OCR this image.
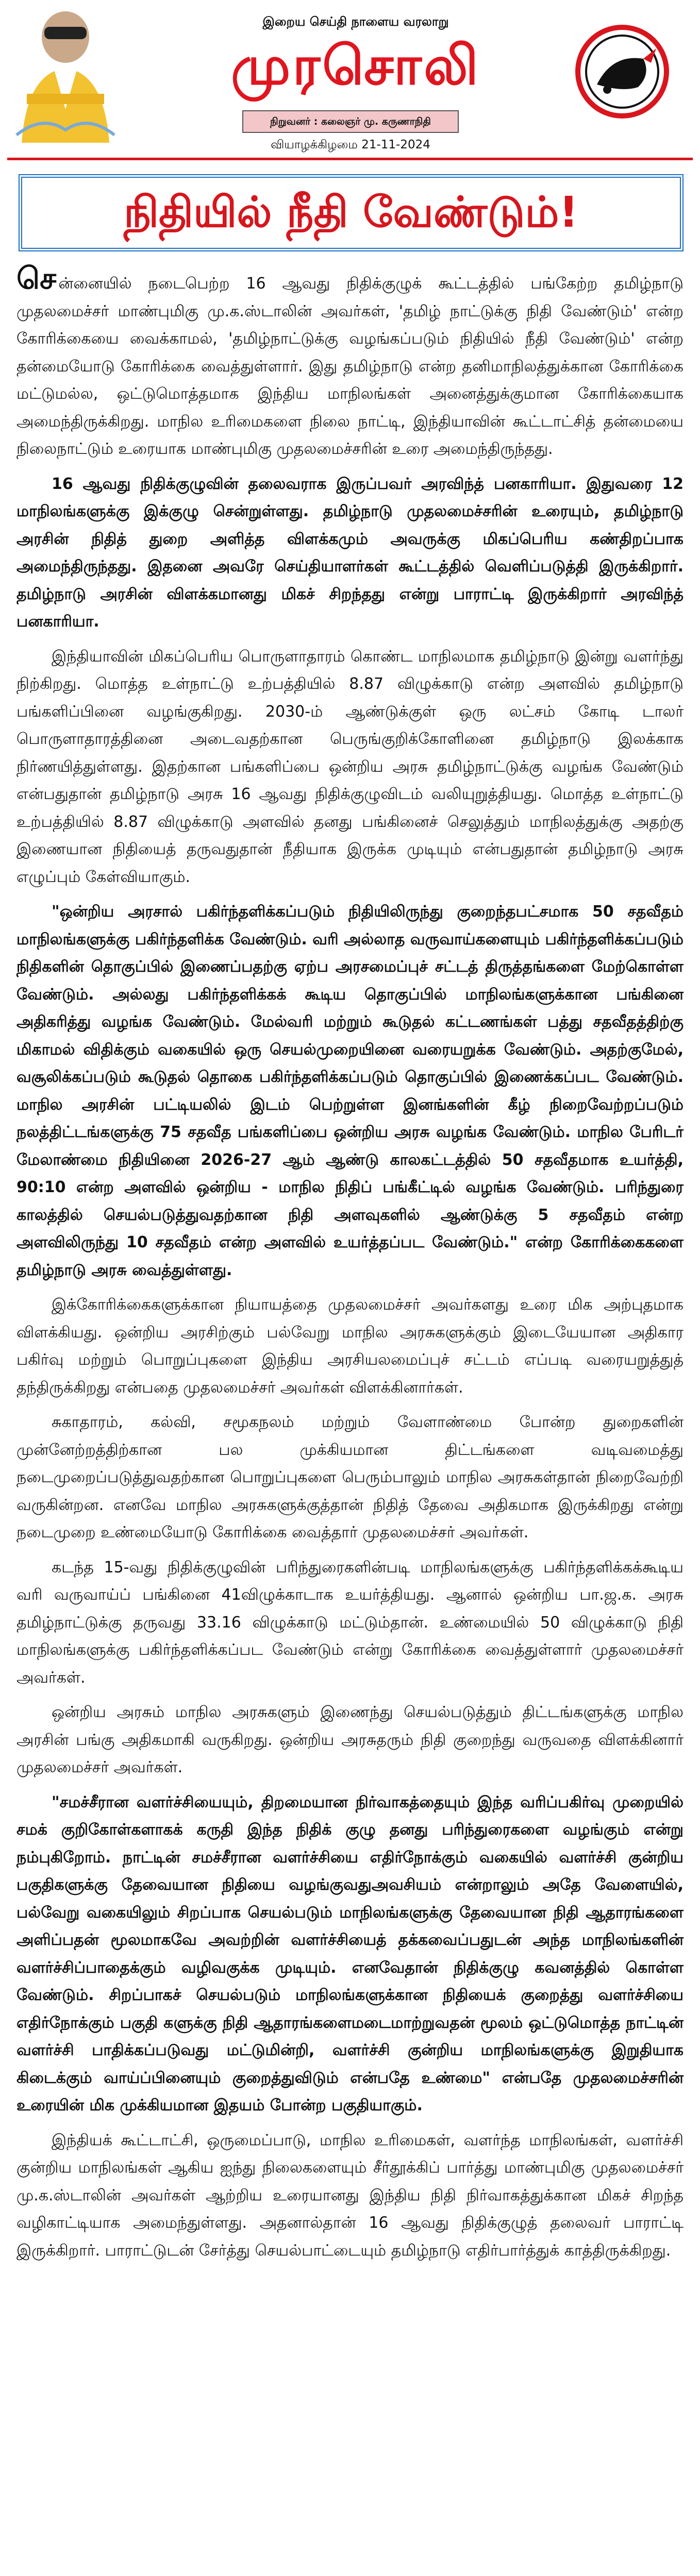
இறைய செய்தி நாளைய வரலாறு
முரசொலி
நிறுவனர் : கலைஞர் மு. கருணாநிதி
வியாழக்கிழமை 21-11-2024
நிதியில் நீதி வேண்டும்!

சென்னையில் நடைபெற்ற 16 ஆவது நிதிக்குழுக் கூட்டத்தில் பங்கேற்ற தமிழ்நாடு முதலமைச்சர் மாண்புமிகு மு.க.ஸ்டாலின் அவர்கள், 'தமிழ் நாட்டுக்கு நிதி வேண்டும்' என்ற கோரிக்கையை வைக்காமல், 'தமிழ்நாட்டுக்கு வழங்கப்படும் நிதியில் நீதி வேண்டும்' என்ற தன்மையோடு கோரிக்கை வைத்துள்ளார். இது தமிழ்நாடு என்ற தனிமாநிலத்துக்கான கோரிக்கை மட்டுமல்ல, ஒட்டுமொத்தமாக இந்திய மாநிலங்கள் அனைத்துக்குமான கோரிக்கையாக அமைந்திருக்கிறது. மாநில உரிமைகளை நிலை நாட்டி, இந்தியாவின் கூட்டாட்சித் தன்மையை நிலைநாட்டும் உரையாக மாண்புமிகு முதலமைச்சரின் உரை அமைந்திருந்தது.

16 ஆவது நிதிக்குழுவின் தலைவராக இருப்பவர் அரவிந்த் பனகாரியா. இதுவரை 12 மாநிலங்களுக்கு இக்குழு சென்றுள்ளது. தமிழ்நாடு முதலமைச்சரின் உரையும், தமிழ்நாடு அரசின் நிதித் துறை அளித்த விளக்கமும் அவருக்கு மிகப்பெரிய கண்திறப்பாக அமைந்திருந்தது. இதனை அவரே செய்தியாளர்கள் கூட்டத்தில் வெளிப்படுத்தி இருக்கிறார். தமிழ்நாடு அரசின் விளக்கமானது மிகச் சிறந்தது என்று பாராட்டி இருக்கிறார் அரவிந்த் பனகாரியா.

இந்தியாவின் மிகப்பெரிய பொருளாதாரம் கொண்ட மாநிலமாக தமிழ்நாடு இன்று வளர்ந்து நிற்கிறது. மொத்த உள்நாட்டு உற்பத்தியில் 8.87 விழுக்காடு என்ற அளவில் தமிழ்நாடு பங்களிப்பினை வழங்குகிறது. 2030-ம் ஆண்டுக்குள் ஒரு லட்சம் கோடி டாலர் பொருளாதாரத்தினை அடைவதற்கான பெருங்குறிக்கோளினை தமிழ்நாடு இலக்காக நிர்ணயித்துள்ளது. இதற்கான பங்களிப்பை ஒன்றிய அரசு தமிழ்நாட்டுக்கு வழங்க வேண்டும் என்பதுதான் தமிழ்நாடு அரசு 16 ஆவது நிதிக்குழுவிடம் வலியுறுத்தியது. மொத்த உள்நாட்டு உற்பத்தியில் 8.87 விழுக்காடு அளவில் தனது பங்கினைச் செலுத்தும் மாநிலத்துக்கு அதற்கு இணையான நிதியைத் தருவதுதான் நீதியாக இருக்க முடியும் என்பதுதான் தமிழ்நாடு அரசு எழுப்பும் கேள்வியாகும்.

"ஒன்றிய அரசால் பகிர்ந்தளிக்கப்படும் நிதியிலிருந்து குறைந்தபட்சமாக 50 சதவீதம் மாநிலங்களுக்கு பகிர்ந்தளிக்க வேண்டும். வரி அல்லாத வருவாய்களையும் பகிர்ந்தளிக்கப்படும் நிதிகளின் தொகுப்பில் இணைப்பதற்கு ஏற்ப அரசமைப்புச் சட்டத் திருத்தங்களை மேற்கொள்ள வேண்டும். அல்லது பகிர்ந்தளிக்கக் கூடிய தொகுப்பில் மாநிலங்களுக்கான பங்கினை அதிகரித்து வழங்க வேண்டும். மேல்வரி மற்றும் கூடுதல் கட்டணங்கள் பத்து சதவீதத்திற்கு மிகாமல் விதிக்கும் வகையில் ஒரு செயல்முறையினை வரையறுக்க வேண்டும். அதற்குமேல், வசூலிக்கப்படும் கூடுதல் தொகை பகிர்ந்தளிக்கப்படும் தொகுப்பில் இணைக்கப்பட வேண்டும். மாநில அரசின் பட்டியலில் இடம் பெற்றுள்ள இனங்களின் கீழ் நிறைவேற்றப்படும் நலத்திட்டங்களுக்கு 75 சதவீத பங்களிப்பை ஒன்றிய அரசு வழங்க வேண்டும். மாநில பேரிடர் மேலாண்மை நிதியினை 2026-27 ஆம் ஆண்டு காலகட்டத்தில் 50 சதவீதமாக உயர்த்தி, 90:10 என்ற அளவில் ஒன்றிய - மாநில நிதிப் பங்கீட்டில் வழங்க வேண்டும். பரிந்துரை காலத்தில் செயல்படுத்துவதற்கான நிதி அளவுகளில் ஆண்டுக்கு 5 சதவீதம் என்ற அளவிலிருந்து 10 சதவீதம் என்ற அளவில் உயர்த்தப்பட வேண்டும்." என்ற கோரிக்கைகளை தமிழ்நாடு அரசு வைத்துள்ளது.

இக்கோரிக்கைகளுக்கான நியாயத்தை முதலமைச்சர் அவர்களது உரை மிக அற்புதமாக விளக்கியது. ஒன்றிய அரசிற்கும் பல்வேறு மாநில அரசுகளுக்கும் இடையேயான அதிகார பகிர்வு மற்றும் பொறுப்புகளை இந்திய அரசியலமைப்புச் சட்டம் எப்படி வரையறுத்துத் தந்திருக்கிறது என்பதை முதலமைச்சர் அவர்கள் விளக்கினார்கள்.

சுகாதாரம், கல்வி, சமூகநலம் மற்றும் வேளாண்மை போன்ற துறைகளின் முன்னேற்றத்திற்கான பல முக்கியமான திட்டங்களை வடிவமைத்து நடைமுறைப்படுத்துவதற்கான பொறுப்புகளை பெரும்பாலும் மாநில அரசுகள்தான் நிறைவேற்றி வருகின்றன. எனவே மாநில அரசுகளுக்குத்தான் நிதித் தேவை அதிகமாக இருக்கிறது என்று நடைமுறை உண்மையோடு கோரிக்கை வைத்தார் முதலமைச்சர் அவர்கள்.

கடந்த 15-வது நிதிக்குழுவின் பரிந்துரைகளின்படி மாநிலங்களுக்கு பகிர்ந்தளிக்கக்கூடிய வரி வருவாய்ப் பங்கினை 41விழுக்காடாக உயர்த்தியது. ஆனால் ஒன்றிய பா.ஜ.க. அரசு தமிழ்நாட்டுக்கு தருவது 33.16 விழுக்காடு மட்டும்தான். உண்மையில் 50 விழுக்காடு நிதி மாநிலங்களுக்கு பகிர்ந்தளிக்கப்பட வேண்டும் என்று கோரிக்கை வைத்துள்ளார் முதலமைச்சர் அவர்கள்.

ஒன்றிய அரசும் மாநில அரசுகளும் இணைந்து செயல்படுத்தும் திட்டங்களுக்கு மாநில அரசின் பங்கு அதிகமாகி வருகிறது. ஒன்றிய அரசுதரும் நிதி குறைந்து வருவதை விளக்கினார் முதலமைச்சர் அவர்கள்.

"சமச்சீரான வளர்ச்சியையும், திறமையான நிர்வாகத்தையும் இந்த வரிப்பகிர்வு முறையில் சமக் குறிகோள்களாகக் கருதி இந்த நிதிக் குழு தனது பரிந்துரைகளை வழங்கும் என்று நம்புகிறோம். நாட்டின் சமச்சீரான வளர்ச்சியை எதிர்நோக்கும் வகையில் வளர்ச்சி குன்றிய பகுதிகளுக்கு தேவையான நிதியை வழங்குவதுஅவசியம் என்றாலும் அதே வேளையில், பல்வேறு வகையிலும் சிறப்பாக செயல்படும் மாநிலங்களுக்கு தேவையான நிதி ஆதாரங்களை அளிப்பதன் மூலமாகவே அவற்றின் வளர்ச்சியைத் தக்கவைப்பதுடன் அந்த மாநிலங்களின் வளர்ச்சிப்பாதைக்கும் வழிவகுக்க முடியும். எனவேதான் நிதிக்குழு கவனத்தில் கொள்ள வேண்டும். சிறப்பாகச் செயல்படும் மாநிலங்களுக்கான நிதியைக் குறைத்து வளர்ச்சியை எதிர்நோக்கும் பகுதி களுக்கு நிதி ஆதாரங்களைமடைமாற்றுவதன் மூலம் ஒட்டுமொத்த நாட்டின் வளர்ச்சி பாதிக்கப்படுவது மட்டுமின்றி, வளர்ச்சி குன்றிய மாநிலங்களுக்கு இறுதியாக கிடைக்கும் வாய்ப்பினையும் குறைத்துவிடும் என்பதே உண்மை" என்பதே முதலமைச்சரின் உரையின் மிக முக்கியமான இதயம் போன்ற பகுதியாகும்.

இந்தியக் கூட்டாட்சி, ஒருமைப்பாடு, மாநில உரிமைகள், வளர்ந்த மாநிலங்கள், வளர்ச்சி குன்றிய மாநிலங்கள் ஆகிய ஐந்து நிலைகளையும் சீர்தூக்கிப் பார்த்து மாண்புமிகு முதலமைச்சர் மு.க.ஸ்டாலின் அவர்கள் ஆற்றிய உரையானது இந்திய நிதி நிர்வாகத்துக்கான மிகச் சிறந்த வழிகாட்டியாக அமைந்துள்ளது. அதனால்தான் 16 ஆவது நிதிக்குழுத் தலைவர் பாராட்டி இருக்கிறார். பாராட்டுடன் சேர்த்து செயல்பாட்டையும் தமிழ்நாடு எதிர்பார்த்துக் காத்திருக்கிறது.
